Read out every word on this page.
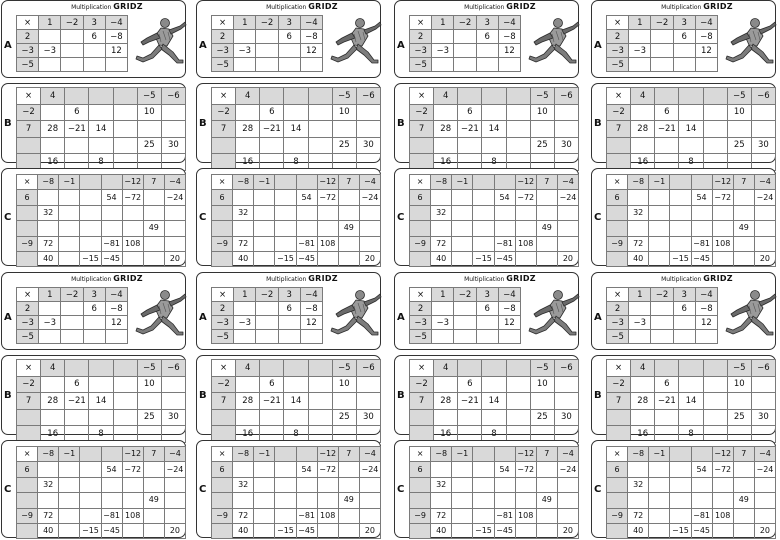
Multiplication GRIDZ
A
×	1	−2	3	−4
2			6	−8
−3	−3			12
−5				
B
×	4				−5	−6
−2		6			10	
7	28	−21	14			
					25	30
	16		8			
C
×	−8	−1			−12	7	−4
6				54	−72		−24
	32						
						49	
−9	72			−81	108		
	40		−15	−45			20
Multiplication GRIDZ
A
×	1	−2	3	−4
2			6	−8
−3	−3			12
−5				
B
×	4				−5	−6
−2		6			10	
7	28	−21	14			
					25	30
	16		8			
C
×	−8	−1			−12	7	−4
6				54	−72		−24
	32						
						49	
−9	72			−81	108		
	40		−15	−45			20
Multiplication GRIDZ
A
×	1	−2	3	−4
2			6	−8
−3	−3			12
−5				
B
×	4				−5	−6
−2		6			10	
7	28	−21	14			
					25	30
	16		8			
C
×	−8	−1			−12	7	−4
6				54	−72		−24
	32						
						49	
−9	72			−81	108		
	40		−15	−45			20
Multiplication GRIDZ
A
×	1	−2	3	−4
2			6	−8
−3	−3			12
−5				
B
×	4				−5	−6
−2		6			10	
7	28	−21	14			
					25	30
	16		8			
C
×	−8	−1			−12	7	−4
6				54	−72		−24
	32						
						49	
−9	72			−81	108		
	40		−15	−45			20
Multiplication GRIDZ
A
×	1	−2	3	−4
2			6	−8
−3	−3			12
−5				
B
×	4				−5	−6
−2		6			10	
7	28	−21	14			
					25	30
	16		8			
C
×	−8	−1			−12	7	−4
6				54	−72		−24
	32						
						49	
−9	72			−81	108		
	40		−15	−45			20
Multiplication GRIDZ
A
×	1	−2	3	−4
2			6	−8
−3	−3			12
−5				
B
×	4				−5	−6
−2		6			10	
7	28	−21	14			
					25	30
	16		8			
C
×	−8	−1			−12	7	−4
6				54	−72		−24
	32						
						49	
−9	72			−81	108		
	40		−15	−45			20
Multiplication GRIDZ
A
×	1	−2	3	−4
2			6	−8
−3	−3			12
−5				
B
×	4				−5	−6
−2		6			10	
7	28	−21	14			
					25	30
	16		8			
C
×	−8	−1			−12	7	−4
6				54	−72		−24
	32						
						49	
−9	72			−81	108		
	40		−15	−45			20
Multiplication GRIDZ
A
×	1	−2	3	−4
2			6	−8
−3	−3			12
−5				
B
×	4				−5	−6
−2		6			10	
7	28	−21	14			
					25	30
	16		8			
C
×	−8	−1			−12	7	−4
6				54	−72		−24
	32						
						49	
−9	72			−81	108		
	40		−15	−45			20
